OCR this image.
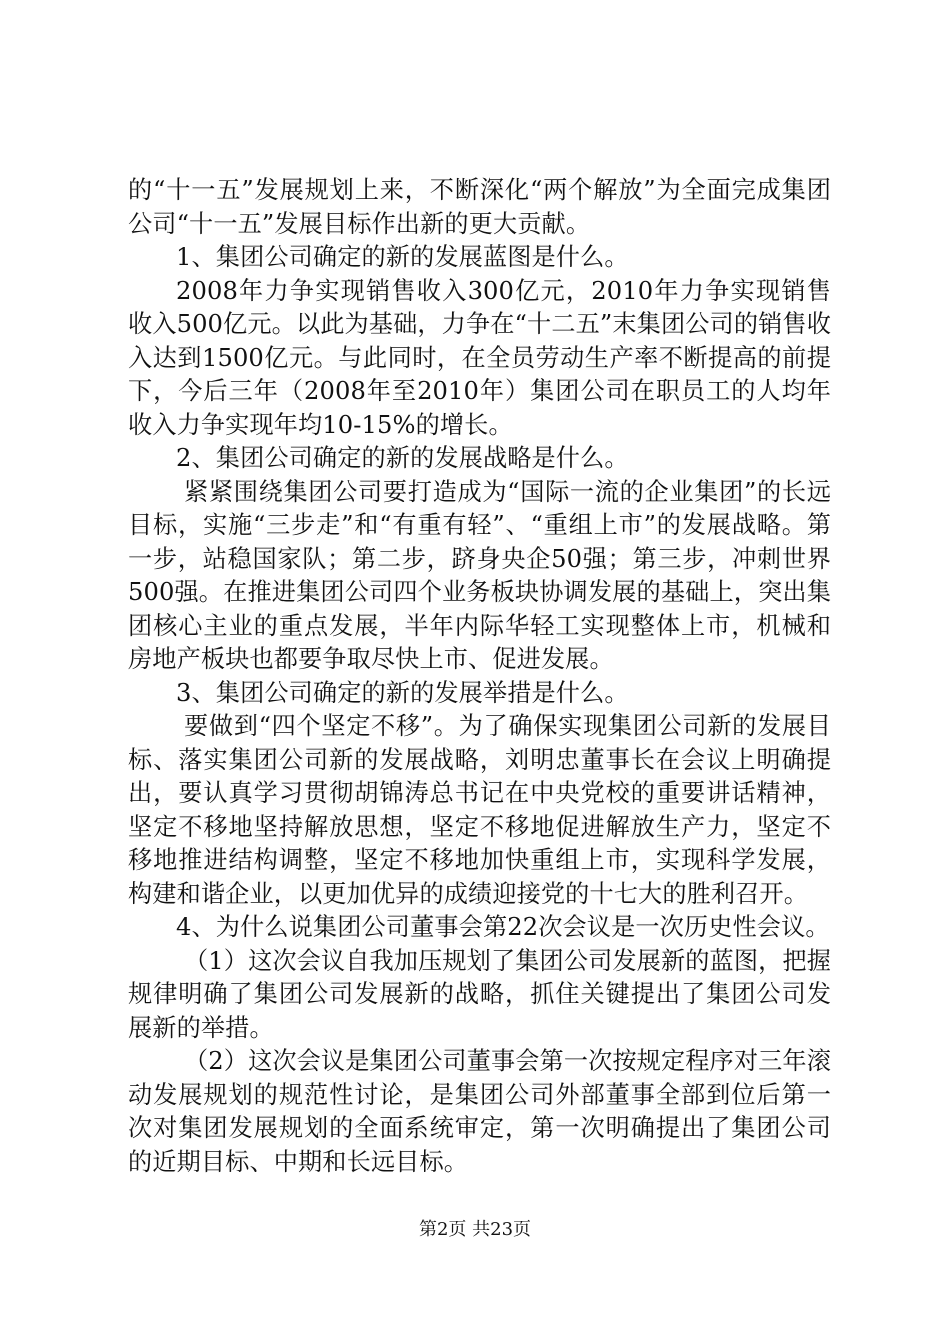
的“十一五”发展规划上来，不断深化“两个解放”为全面完成集团公司“十一五”发展目标作出新的更大贡献。

1、集团公司确定的新的发展蓝图是什么。

2008年力争实现销售收入300亿元，2010年力争实现销售收入500亿元。以此为基础，力争在“十二五”末集团公司的销售收入达到1500亿元。与此同时，在全员劳动生产率不断提高的前提下，今后三年（2008年至2010年）集团公司在职员工的人均年收入力争实现年均10-15%的增长。

2、集团公司确定的新的发展战略是什么。

紧紧围绕集团公司要打造成为“国际一流的企业集团”的长远目标，实施“三步走”和“有重有轻”、“重组上市”的发展战略。第一步，站稳国家队；第二步，跻身央企50强；第三步，冲刺世界500强。在推进集团公司四个业务板块协调发展的基础上，突出集团核心主业的重点发展，半年内际华轻工实现整体上市，机械和房地产板块也都要争取尽快上市、促进发展。

3、集团公司确定的新的发展举措是什么。

要做到“四个坚定不移”。为了确保实现集团公司新的发展目标、落实集团公司新的发展战略，刘明忠董事长在会议上明确提出，要认真学习贯彻胡锦涛总书记在中央党校的重要讲话精神，坚定不移地坚持解放思想，坚定不移地促进解放生产力，坚定不移地推进结构调整，坚定不移地加快重组上市，实现科学发展，构建和谐企业，以更加优异的成绩迎接党的十七大的胜利召开。

4、为什么说集团公司董事会第22次会议是一次历史性会议。

（1）这次会议自我加压规划了集团公司发展新的蓝图，把握规律明确了集团公司发展新的战略，抓住关键提出了集团公司发展新的举措。

（2）这次会议是集团公司董事会第一次按规定程序对三年滚动发展规划的规范性讨论，是集团公司外部董事全部到位后第一次对集团发展规划的全面系统审定，第一次明确提出了集团公司的近期目标、中期和长远目标。

第2页 共23页
